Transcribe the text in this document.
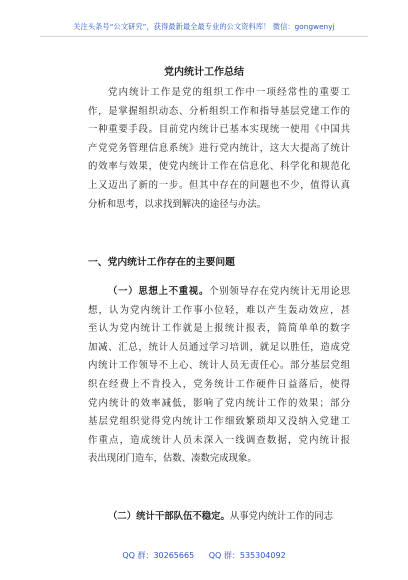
关注头条号“公文研究”，获得最新最全最专业的公文资料库！ 微信：gongwenyj
党内统计工作总结
党内统计工作是党的组织工作中一项经常性的重要工
作，是掌握组织动态、分析组织工作和指导基层党建工作的
一种重要手段。目前党内统计已基本实现统一使用《中国共
产党党务管理信息系统》进行党内统计，这大大提高了统计
的效率与效果，使党内统计工作在信息化、科学化和规范化
上又迈出了新的一步。但其中存在的问题也不少，值得认真
分析和思考，以求找到解决的途径与办法。
一、党内统计工作存在的主要问题
（一）思想上不重视。个别领导存在党内统计无用论思
想，认为党内统计工作事小位轻，难以产生轰动效应，甚
至认为党内统计工作就是上报统计报表，简简单单的数字
加减、汇总，统计人员通过学习培训，就足以胜任，造成党
内统计工作领导不上心、统计人员无责任心。部分基层党组
织在经费上不肯投入，党务统计工作硬件日益落后，使得
党内统计的效率减低，影响了党内统计工作的效果；部分
基层党组织觉得党内统计工作细致繁琐却又没纳入党建工
作重点，造成统计人员未深入一线调查数据，党内统计报
表出现闭门造车，估数、凑数完成现象。
（二）统计干部队伍不稳定。从事党内统计工作的同志
QQ 群：30265665 QQ 群：535304092
